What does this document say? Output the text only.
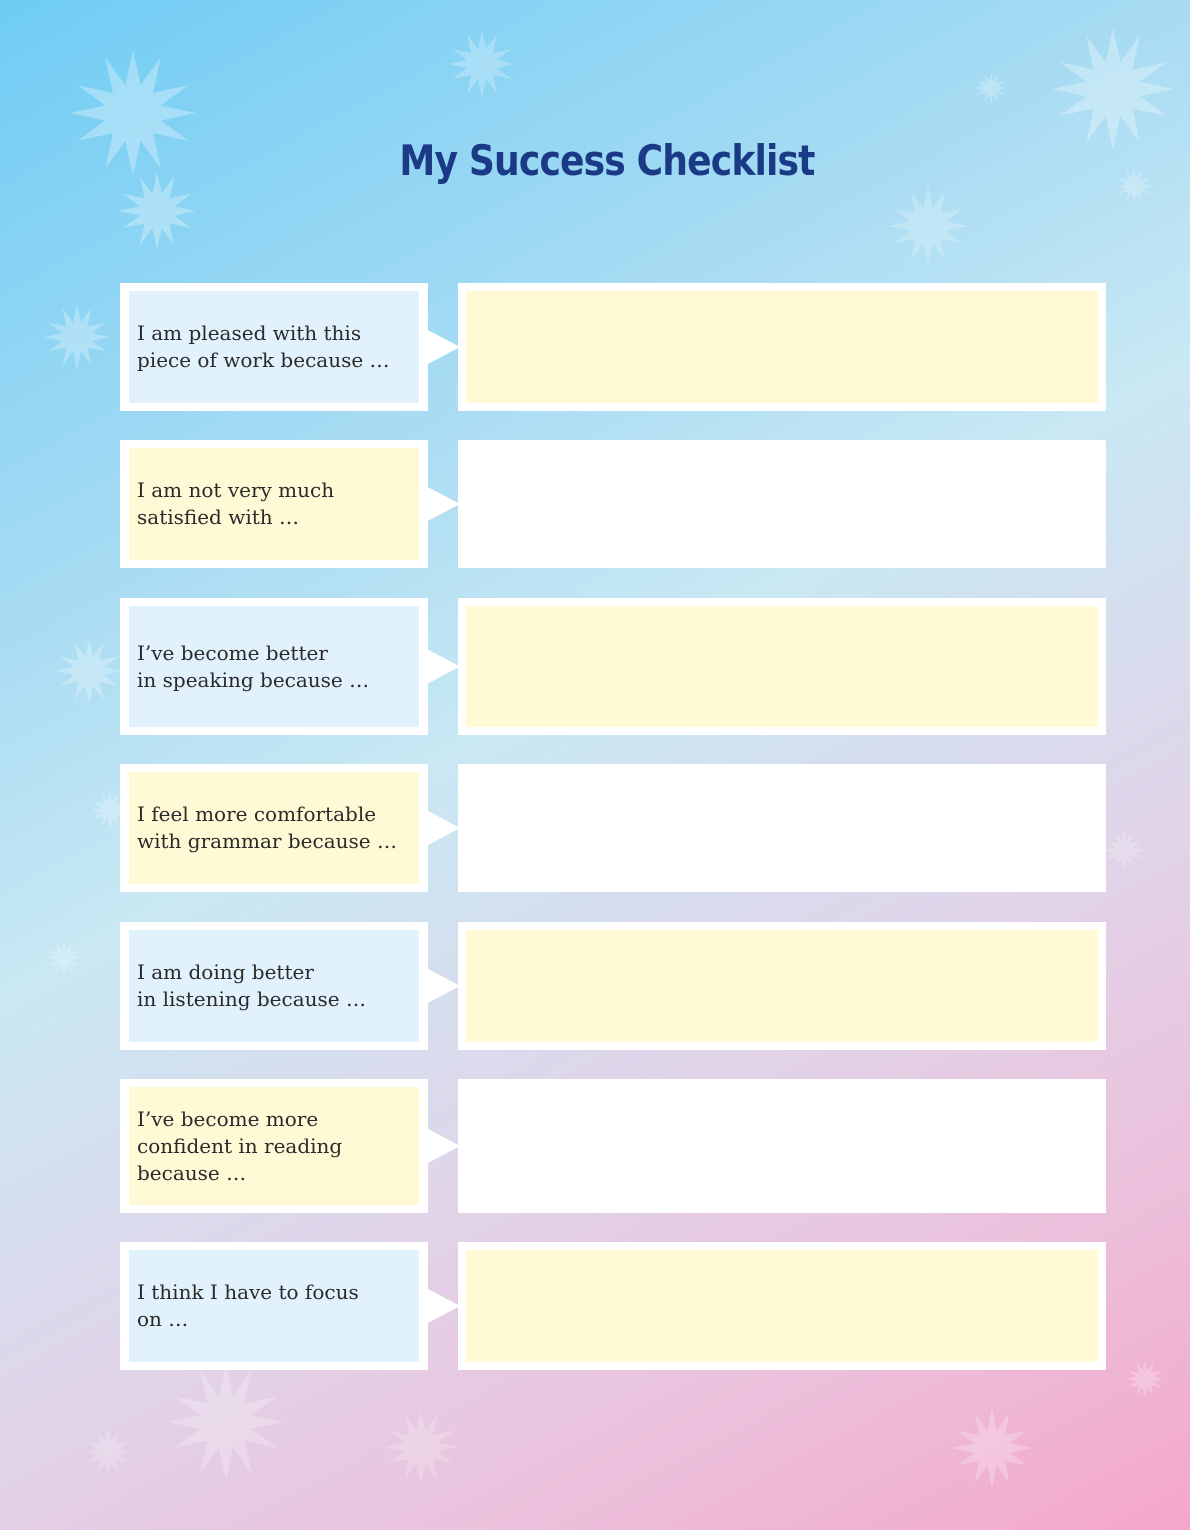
My Success Checklist
I am pleased with this
piece of work because …
I am not very much
satisfied with …
I’ve become better
in speaking because …
I feel more comfortable
with grammar because …
I am doing better
in listening because …
I’ve become more
confident in reading
because …
I think I have to focus
on …
